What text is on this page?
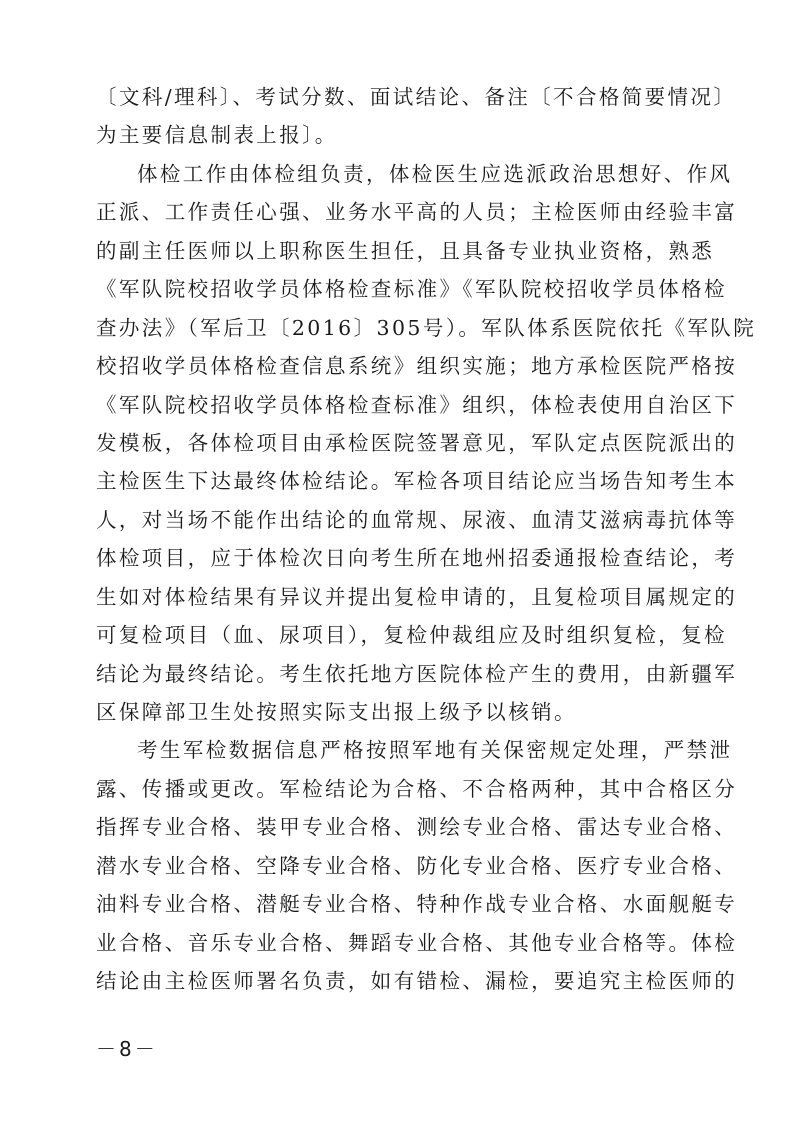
〔文科/理科〕、考试分数、面试结论、备注〔不合格简要情况〕
为主要信息制表上报〕。
体检工作由体检组负责，体检医生应选派政治思想好、作风
正派、工作责任心强、业务水平高的人员；主检医师由经验丰富
的副主任医师以上职称医生担任，且具备专业执业资格，熟悉
《军队院校招收学员体格检查标准》《军队院校招收学员体格检
查办法》（军后卫〔2016〕305号）。军队体系医院依托《军队院
校招收学员体格检查信息系统》组织实施；地方承检医院严格按
《军队院校招收学员体格检查标准》组织，体检表使用自治区下
发模板，各体检项目由承检医院签署意见，军队定点医院派出的
主检医生下达最终体检结论。军检各项目结论应当场告知考生本
人，对当场不能作出结论的血常规、尿液、血清艾滋病毒抗体等
体检项目，应于体检次日向考生所在地州招委通报检查结论，考
生如对体检结果有异议并提出复检申请的，且复检项目属规定的
可复检项目（血、尿项目），复检仲裁组应及时组织复检，复检
结论为最终结论。考生依托地方医院体检产生的费用，由新疆军
区保障部卫生处按照实际支出报上级予以核销。
考生军检数据信息严格按照军地有关保密规定处理，严禁泄
露、传播或更改。军检结论为合格、不合格两种，其中合格区分
指挥专业合格、装甲专业合格、测绘专业合格、雷达专业合格、
潜水专业合格、空降专业合格、防化专业合格、医疗专业合格、
油料专业合格、潜艇专业合格、特种作战专业合格、水面舰艇专
业合格、音乐专业合格、舞蹈专业合格、其他专业合格等。体检
结论由主检医师署名负责，如有错检、漏检，要追究主检医师的
－8－
